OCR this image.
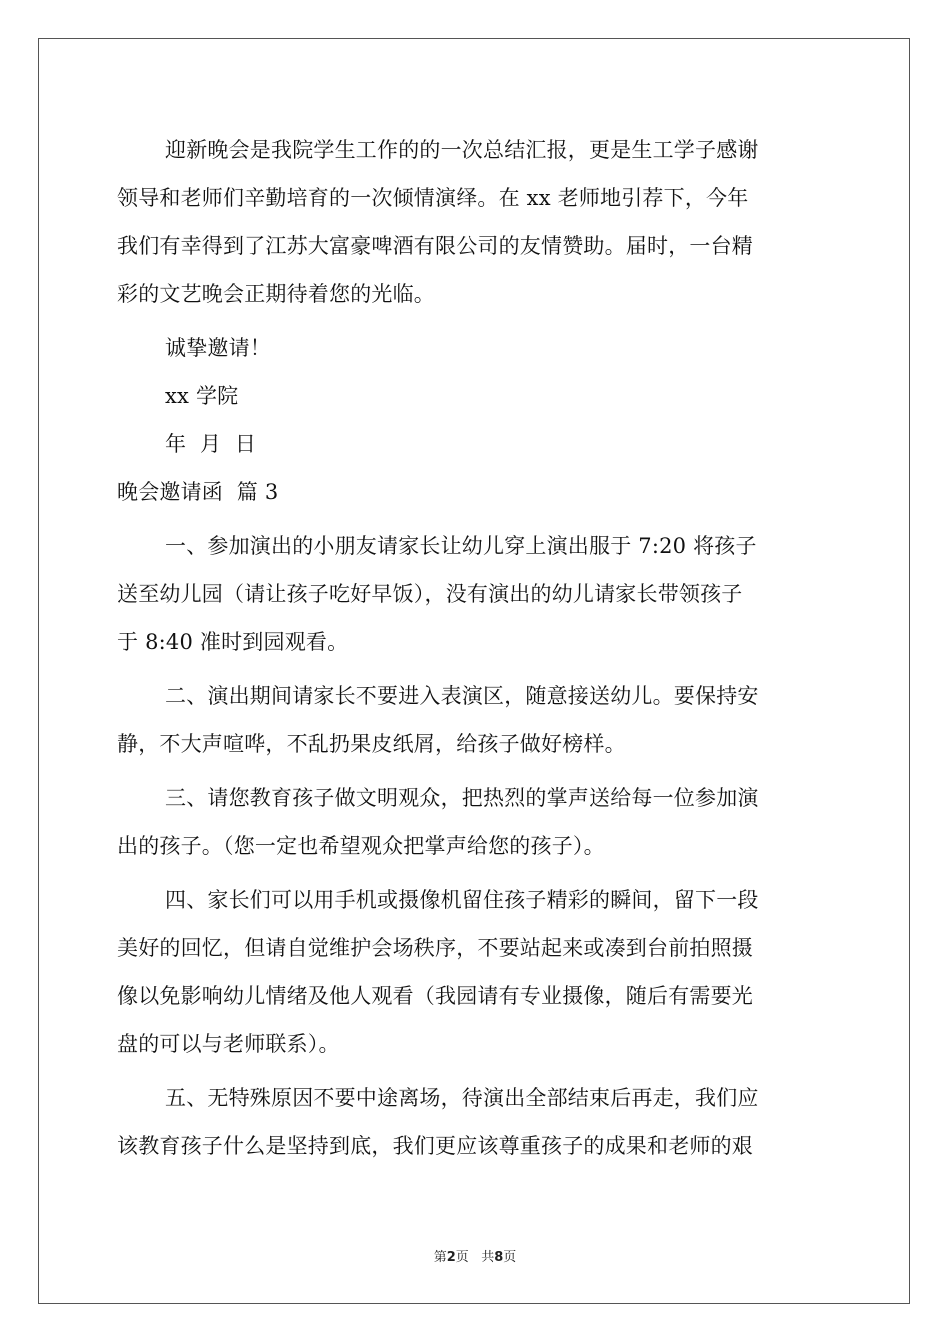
迎新晚会是我院学生工作的的一次总结汇报，更是生工学子感谢
领导和老师们辛勤培育的一次倾情演绎。在 xx 老师地引荐下，今年
我们有幸得到了江苏大富豪啤酒有限公司的友情赞助。届时，一台精
彩的文艺晚会正期待着您的光临。
诚挚邀请！
xx 学院
年  月  日
晚会邀请函  篇 3
一、参加演出的小朋友请家长让幼儿穿上演出服于 7:20 将孩子
送至幼儿园（请让孩子吃好早饭），没有演出的幼儿请家长带领孩子
于 8:40 准时到园观看。
二、演出期间请家长不要进入表演区，随意接送幼儿。要保持安
静，不大声喧哗，不乱扔果皮纸屑，给孩子做好榜样。
三、请您教育孩子做文明观众，把热烈的掌声送给每一位参加演
出的孩子。（您一定也希望观众把掌声给您的孩子）。
四、家长们可以用手机或摄像机留住孩子精彩的瞬间，留下一段
美好的回忆，但请自觉维护会场秩序，不要站起来或凑到台前拍照摄
像以免影响幼儿情绪及他人观看（我园请有专业摄像，随后有需要光
盘的可以与老师联系）。
五、无特殊原因不要中途离场，待演出全部结束后再走，我们应
该教育孩子什么是坚持到底，我们更应该尊重孩子的成果和老师的艰
第2页 共8页
